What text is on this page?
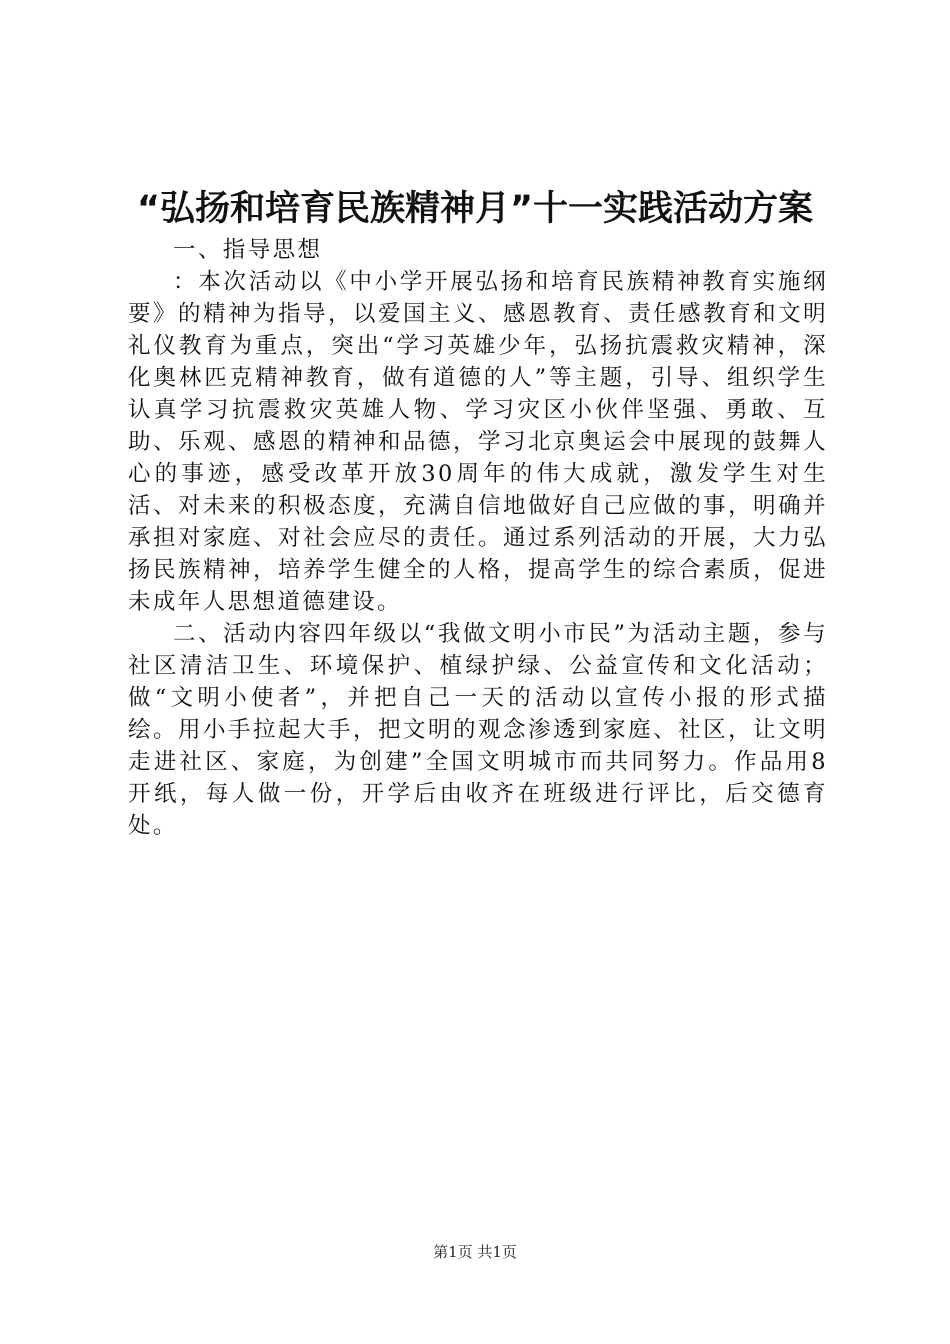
“弘扬和培育民族精神月”十一实践活动方案

一、指导思想

：本次活动以《中小学开展弘扬和培育民族精神教育实施纲要》的精神为指导，以爱国主义、感恩教育、责任感教育和文明礼仪教育为重点，突出“学习英雄少年，弘扬抗震救灾精神，深化奥林匹克精神教育，做有道德的人”等主题，引导、组织学生认真学习抗震救灾英雄人物、学习灾区小伙伴坚强、勇敢、互助、乐观、感恩的精神和品德，学习北京奥运会中展现的鼓舞人心的事迹，感受改革开放30周年的伟大成就，激发学生对生活、对未来的积极态度，充满自信地做好自己应做的事，明确并承担对家庭、对社会应尽的责任。通过系列活动的开展，大力弘扬民族精神，培养学生健全的人格，提高学生的综合素质，促进未成年人思想道德建设。

二、活动内容四年级以“我做文明小市民”为活动主题，参与社区清洁卫生、环境保护、植绿护绿、公益宣传和文化活动；做“文明小使者”，并把自己一天的活动以宣传小报的形式描绘。用小手拉起大手，把文明的观念渗透到家庭、社区，让文明走进社区、家庭，为创建”全国文明城市而共同努力。作品用8开纸，每人做一份，开学后由收齐在班级进行评比，后交德育处。

第1页 共1页
